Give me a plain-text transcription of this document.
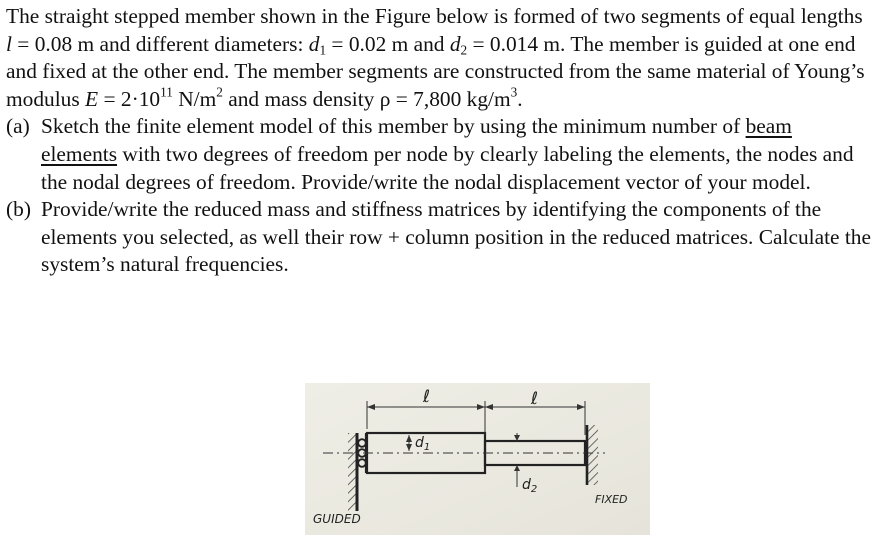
The straight stepped member shown in the Figure below is formed of two segments of equal lengths l = 0.08 m and different diameters: $d_1 = 0.02$ m and $d_2 = 0.014$ m. The member is guided at one end and fixed at the other end. The member segments are constructed from the same material of Young’s modulus $E = 2\cdot 10^{11}$ $N/m^2$ and mass density ρ = 7,800 $kg/m^3$.

(a) Sketch the finite element model of this member by using the minimum number of beam elements with two degrees of freedom per node by clearly labeling the elements, the nodes and the nodal degrees of freedom. Provide/write the nodal displacement vector of your model.
(b) Provide/write the reduced mass and stiffness matrices by identifying the components of the elements you selected, as well their row + column position in the reduced matrices. Calculate the system’s natural frequencies.
ℓ	ℓ
$d_1$
$d_2$
GUIDED
FIXED
